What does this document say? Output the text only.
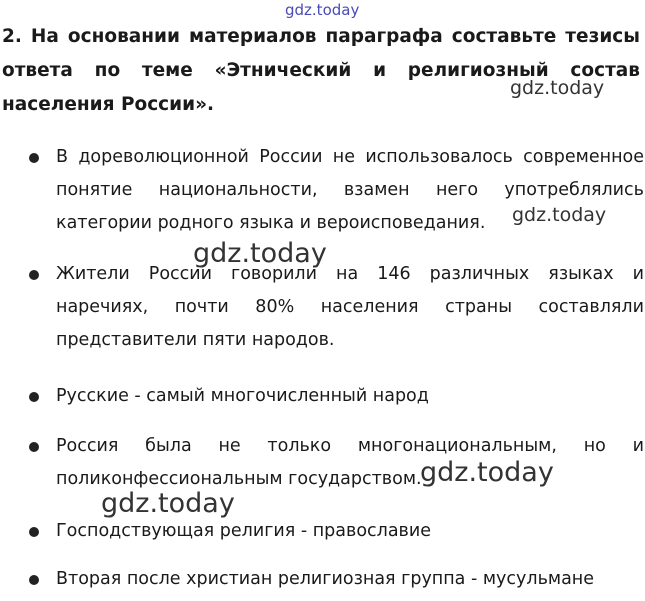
gdz.today

2. На основании материалов параграфа составьте тезисы ответа по теме «Этнический и религиозный состав населения России».

gdz.today
В дореволюционной России не использовалось современное понятие национальности, взамен него употреблялись категории родного языка и вероисповедания.
Жители России говорили на 146 различных языках и наречиях, почти 80% населения страны составляли представители пяти народов.
Русские - самый многочисленный народ
Россия была не только многонациональным, но и поликонфессиональным государством.
Господствующая религия - православие
Вторая после христиан религиозная группа - мусульмане
gdz.today
gdz.today
gdz.today
gdz.today
